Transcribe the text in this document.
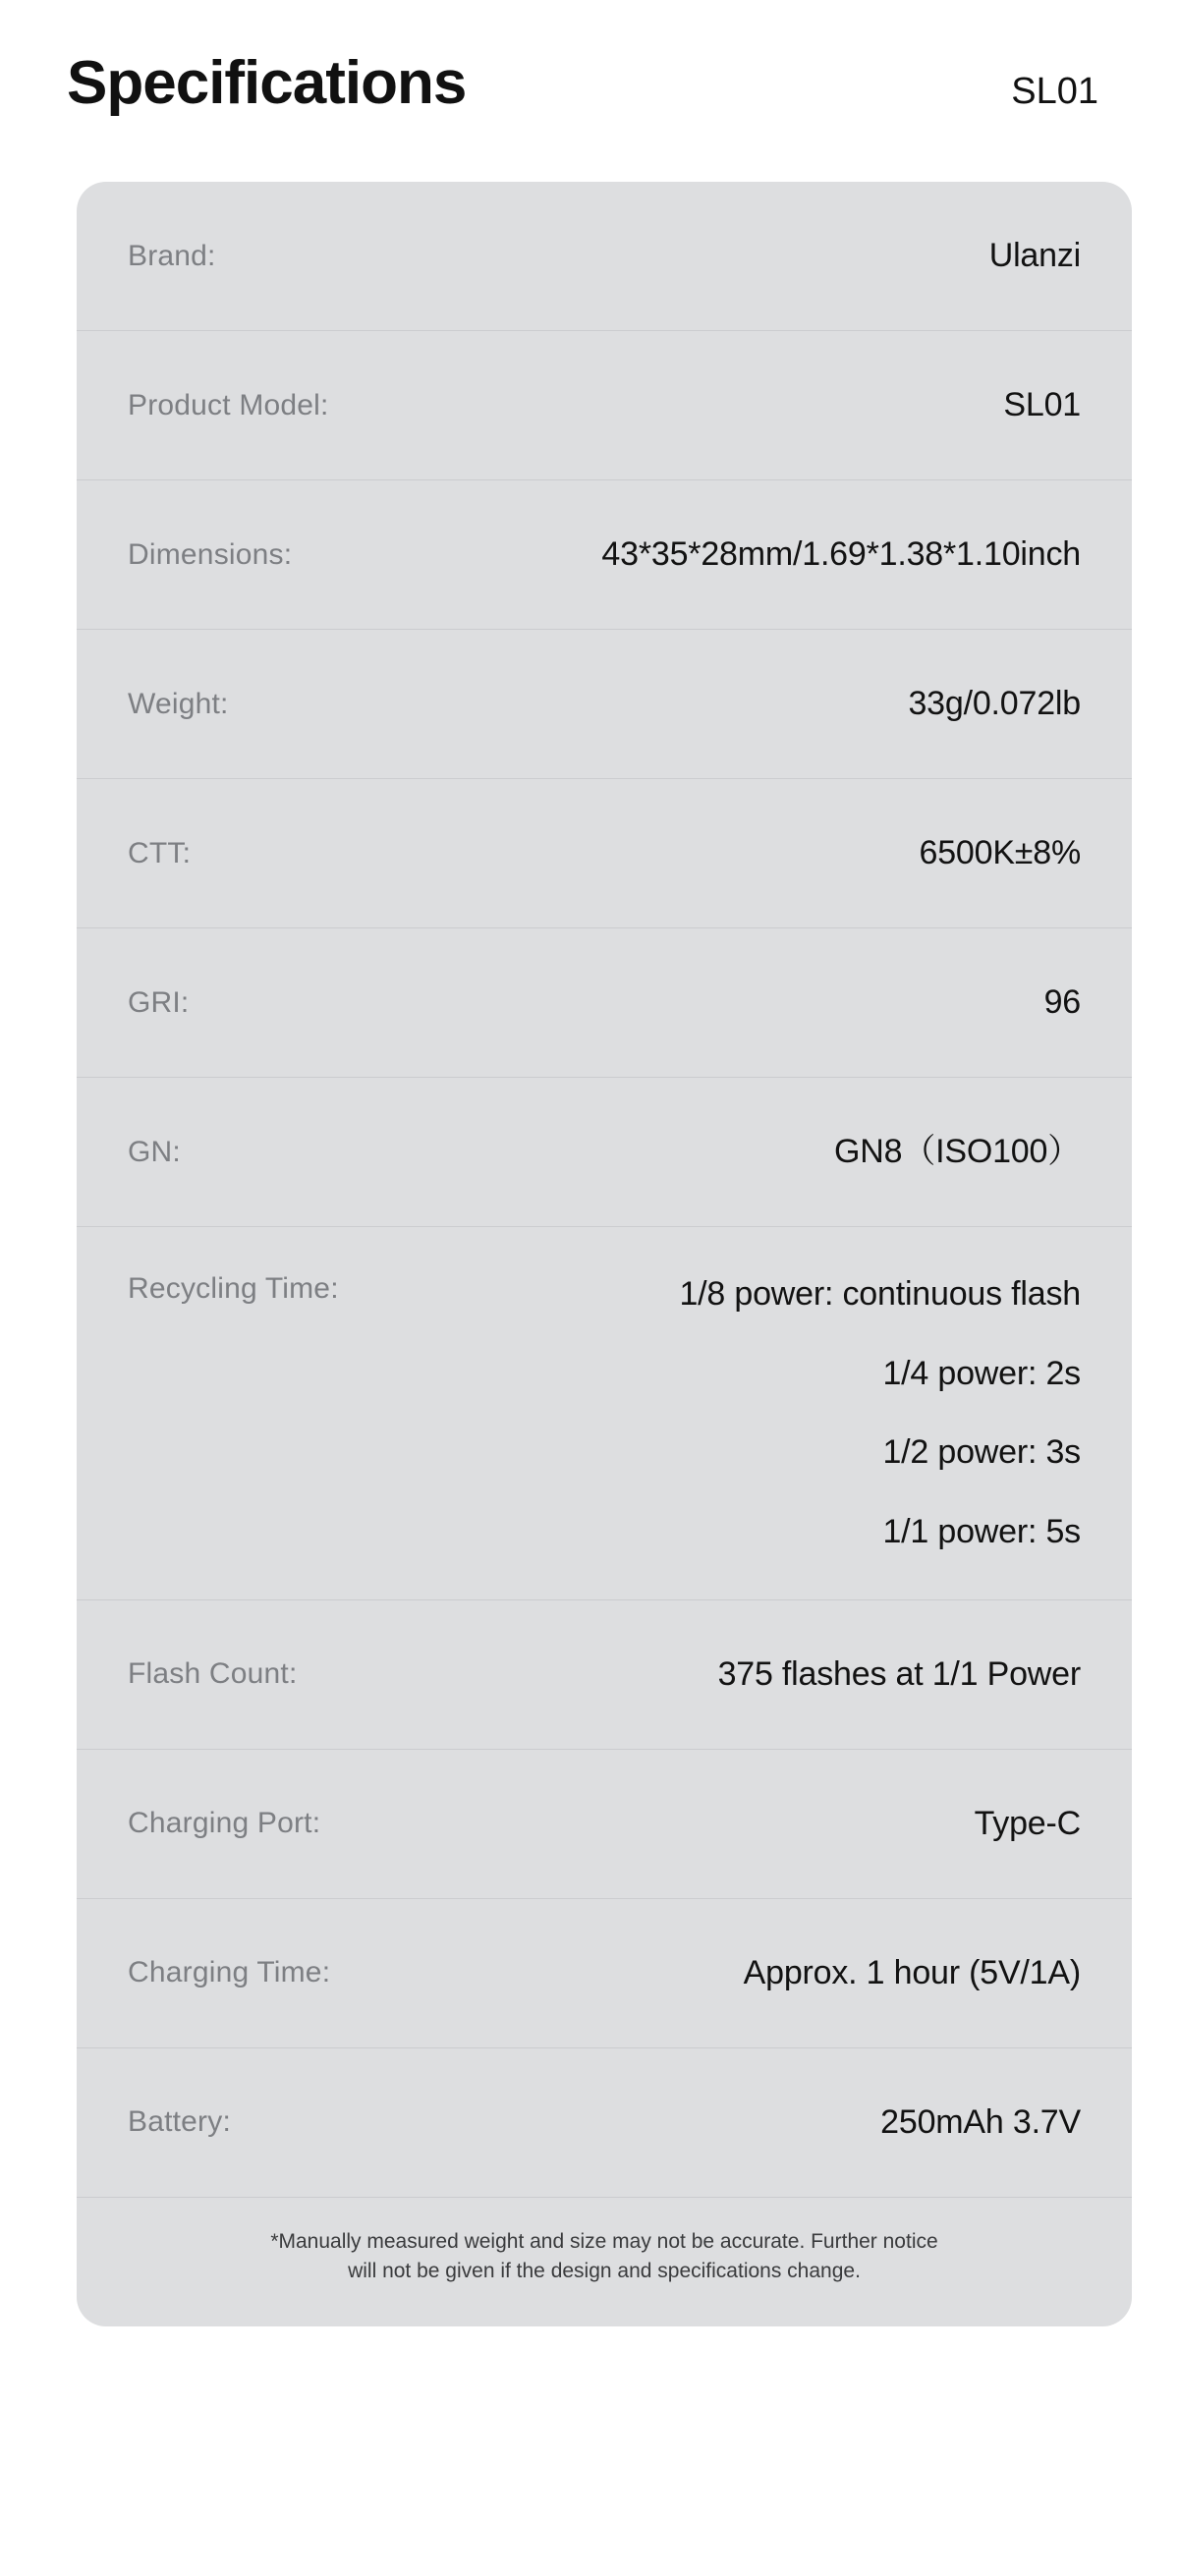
Specifications	SL01
Brand:	Ulanzi
Product Model:	SL01
Dimensions:	43*35*28mm/1.69*1.38*1.10inch
Weight:	33g/0.072lb
CTT:	6500K±8%
GRI:	96
GN:	GN8（ISO100）
Recycling Time:	1/8 power: continuous flash
1/4 power: 2s
1/2 power: 3s
1/1 power: 5s
Flash Count:	375 flashes at 1/1 Power
Charging Port:	Type-C
Charging Time:	Approx. 1 hour (5V/1A)
Battery:	250mAh 3.7V
*Manually measured weight and size may not be accurate. Further notice
will not be given if the design and specifications change.
